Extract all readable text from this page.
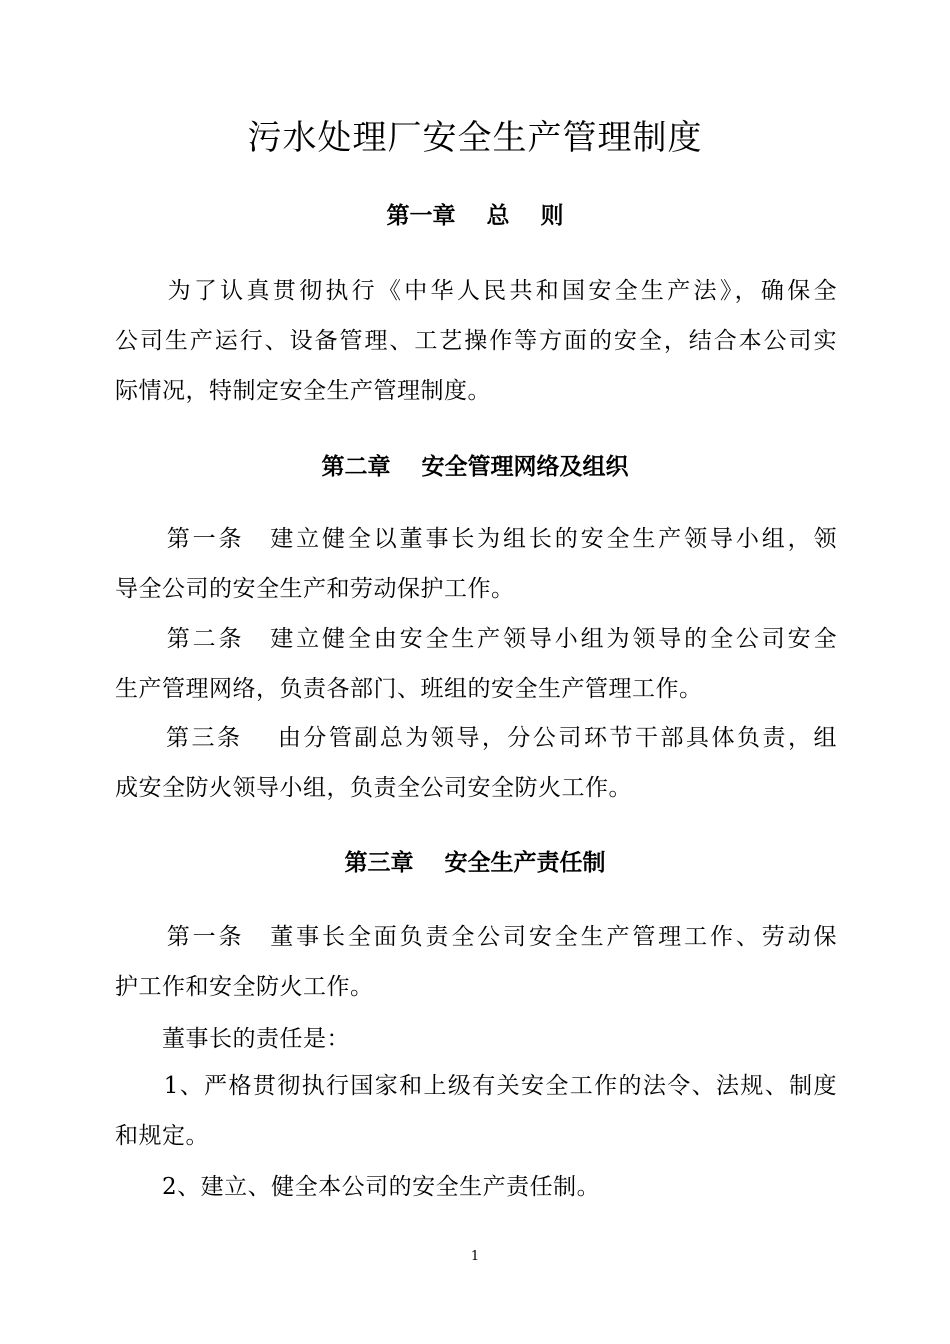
污水处理厂安全生产管理制度
第一章　 总　 则

　　为了认真贯彻执行《中华人民共和国安全生产法》，确保全

公司生产运行、设备管理、工艺操作等方面的安全，结合本公司实

际情况，特制定安全生产管理制度。

第二章　 安全管理网络及组织

　　第一条　建立健全以董事长为组长的安全生产领导小组，领

导全公司的安全生产和劳动保护工作。

　　第二条　建立健全由安全生产领导小组为领导的全公司安全

生产管理网络，负责各部门、班组的安全生产管理工作。

　　第三条　 由分管副总为领导，分公司环节干部具体负责，组

成安全防火领导小组，负责全公司安全防火工作。

第三章　 安全生产责任制

　　第一条　董事长全面负责全公司安全生产管理工作、劳动保

护工作和安全防火工作。

　　董事长的责任是：

　　1、严格贯彻执行国家和上级有关安全工作的法令、法规、制度

和规定。

　　2、建立、健全本公司的安全生产责任制。

1
